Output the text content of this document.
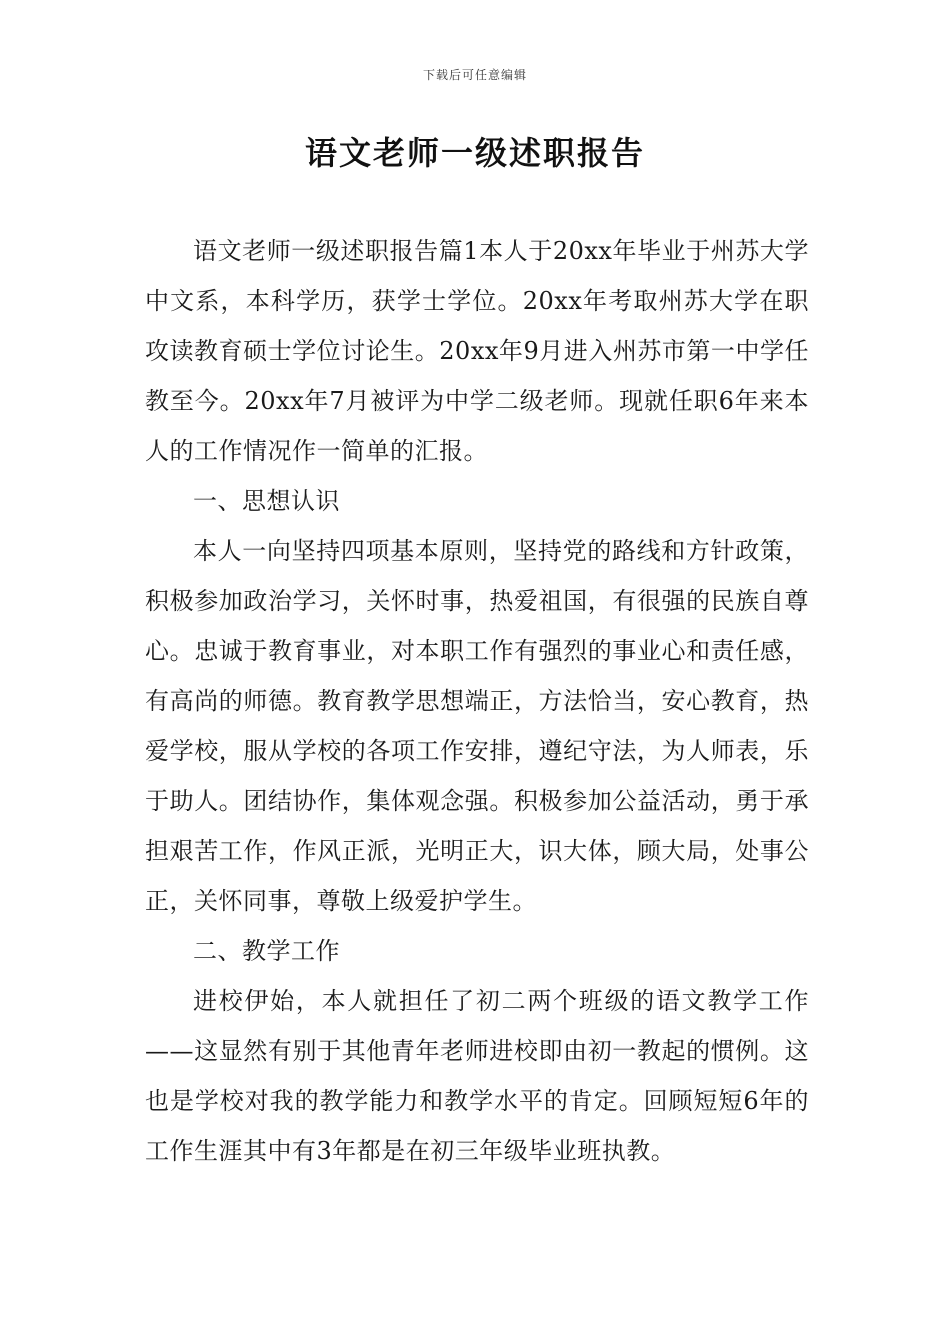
下载后可任意编辑
语文老师一级述职报告

语文老师一级述职报告篇1本人于20xx年毕业于州苏大学中文系，本科学历，获学士学位。20xx年考取州苏大学在职攻读教育硕士学位讨论生。20xx年9月进入州苏市第一中学任教至今。20xx年7月被评为中学二级老师。现就任职6年来本人的工作情况作一简单的汇报。

一、思想认识

本人一向坚持四项基本原则，坚持党的路线和方针政策，积极参加政治学习，关怀时事，热爱祖国，有很强的民族自尊心。忠诚于教育事业，对本职工作有强烈的事业心和责任感，有高尚的师德。教育教学思想端正，方法恰当，安心教育，热爱学校，服从学校的各项工作安排，遵纪守法，为人师表，乐于助人。团结协作，集体观念强。积极参加公益活动，勇于承担艰苦工作，作风正派，光明正大，识大体，顾大局，处事公正，关怀同事，尊敬上级爱护学生。

二、教学工作

进校伊始，本人就担任了初二两个班级的语文教学工作——这显然有别于其他青年老师进校即由初一教起的惯例。这也是学校对我的教学能力和教学水平的肯定。回顾短短6年的工作生涯其中有3年都是在初三年级毕业班执教。
